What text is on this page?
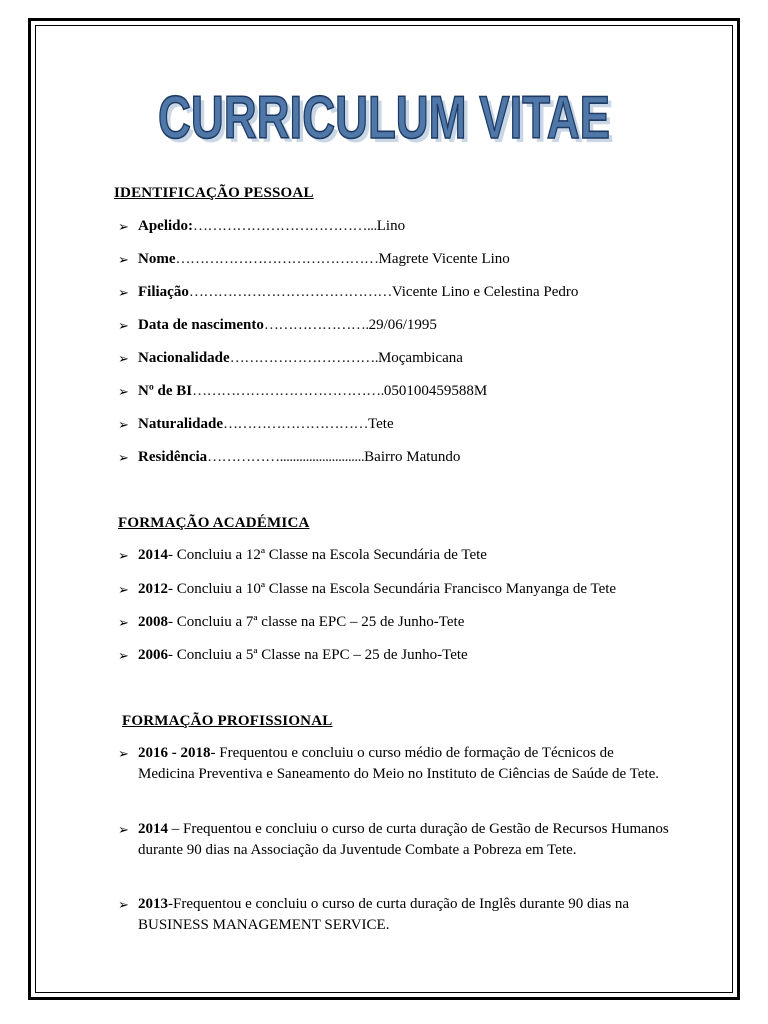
CURRICULUM VITAE
CURRICULUM VITAE
IDENTIFICAÇÃO PESSOAL
➢ Apelido:………………………………...Lino
➢ Nome……………………………………Magrete Vicente Lino
➢ Filiação……………………………………Vicente Lino e Celestina Pedro
➢ Data de nascimento………………….29/06/1995
➢ Nacionalidade………………………….Moçambicana
➢ Nº de BI………………………………….050100459588M
➢ Naturalidade…………………………Tete
➢ Residência……………..........................Bairro Matundo
FORMAÇÃO ACADÉMICA
➢ 2014- Concluiu a 12ª Classe na Escola Secundária de Tete
➢ 2012- Concluiu a 10ª Classe na Escola Secundária Francisco Manyanga de Tete
➢ 2008- Concluiu a 7ª classe na EPC – 25 de Junho-Tete
➢ 2006- Concluiu a 5ª Classe na EPC – 25 de Junho-Tete
FORMAÇÃO PROFISSIONAL
➢ 2016 - 2018- Frequentou e concluiu o curso médio de formação de Técnicos de Medicina Preventiva e Saneamento do Meio no Instituto de Ciências de Saúde de Tete.
➢ 2014 – Frequentou e concluiu o curso de curta duração de Gestão de Recursos Humanos durante 90 dias na Associação da Juventude Combate a Pobreza em Tete.
➢ 2013-Frequentou e concluiu o curso de curta duração de Inglês durante 90 dias na BUSINESS MANAGEMENT SERVICE.
